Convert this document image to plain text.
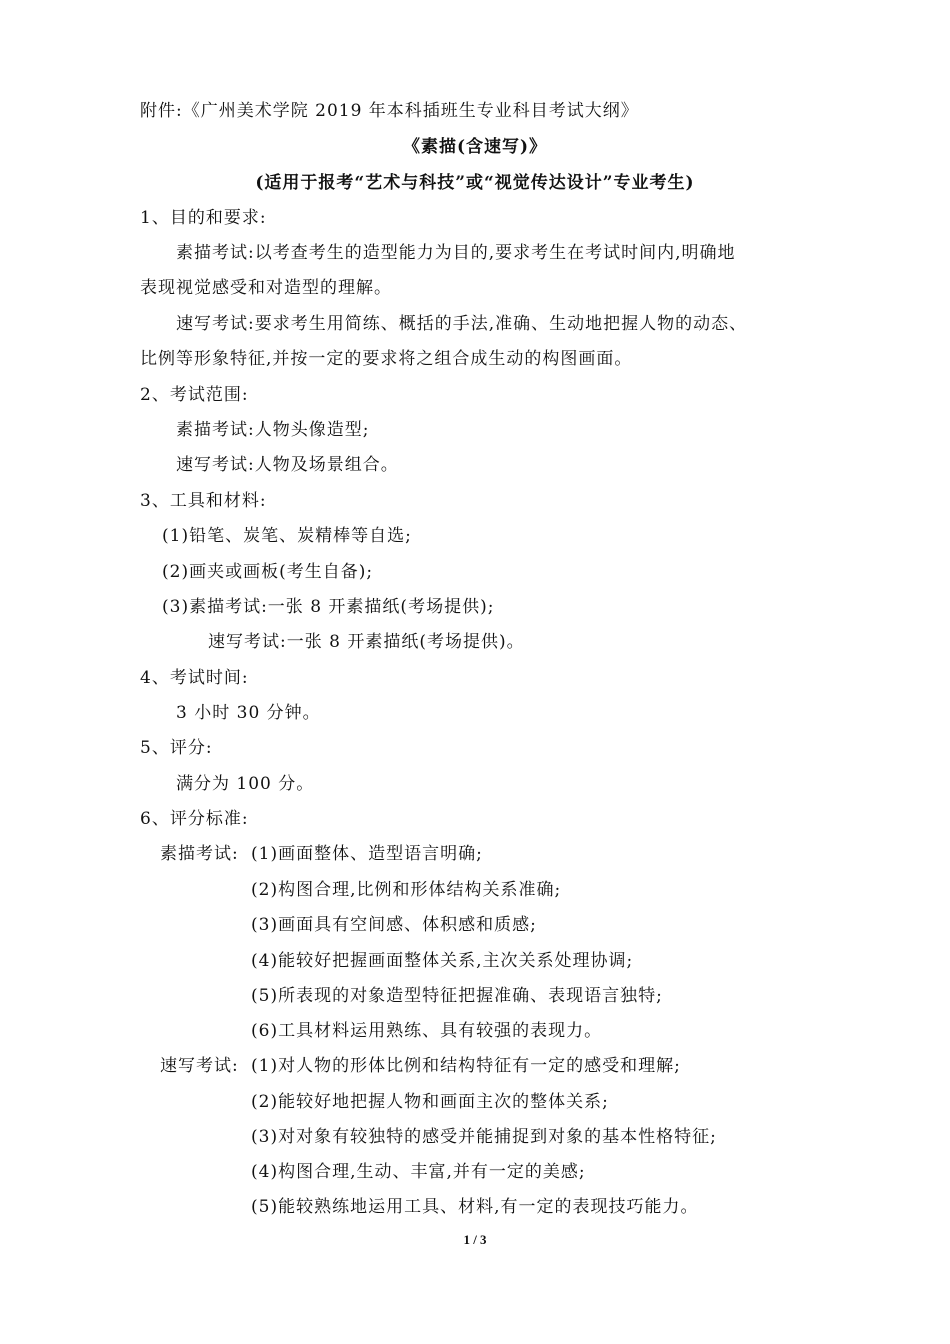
附件:《广州美术学院 2019 年本科插班生专业科目考试大纲》
《素描(含速写)》
(适用于报考“艺术与科技”或“视觉传达设计”专业考生)
1、目的和要求:
素描考试:以考查考生的造型能力为目的,要求考生在考试时间内,明确地
表现视觉感受和对造型的理解。
速写考试:要求考生用简练、概括的手法,准确、生动地把握人物的动态、
比例等形象特征,并按一定的要求将之组合成生动的构图画面。
2、考试范围:
素描考试:人物头像造型;
速写考试:人物及场景组合。
3、工具和材料:
(1)铅笔、炭笔、炭精棒等自选;
(2)画夹或画板(考生自备);
(3)素描考试:一张 8 开素描纸(考场提供);
速写考试:一张 8 开素描纸(考场提供)。
4、考试时间:
3 小时 30 分钟。
5、评分:
满分为 100 分。
6、评分标准:
素描考试: (1)画面整体、造型语言明确;
(2)构图合理,比例和形体结构关系准确;
(3)画面具有空间感、体积感和质感;
(4)能较好把握画面整体关系,主次关系处理协调;
(5)所表现的对象造型特征把握准确、表现语言独特;
(6)工具材料运用熟练、具有较强的表现力。
速写考试: (1)对人物的形体比例和结构特征有一定的感受和理解;
(2)能较好地把握人物和画面主次的整体关系;
(3)对对象有较独特的感受并能捕捉到对象的基本性格特征;
(4)构图合理,生动、丰富,并有一定的美感;
(5)能较熟练地运用工具、材料,有一定的表现技巧能力。
1 / 3
